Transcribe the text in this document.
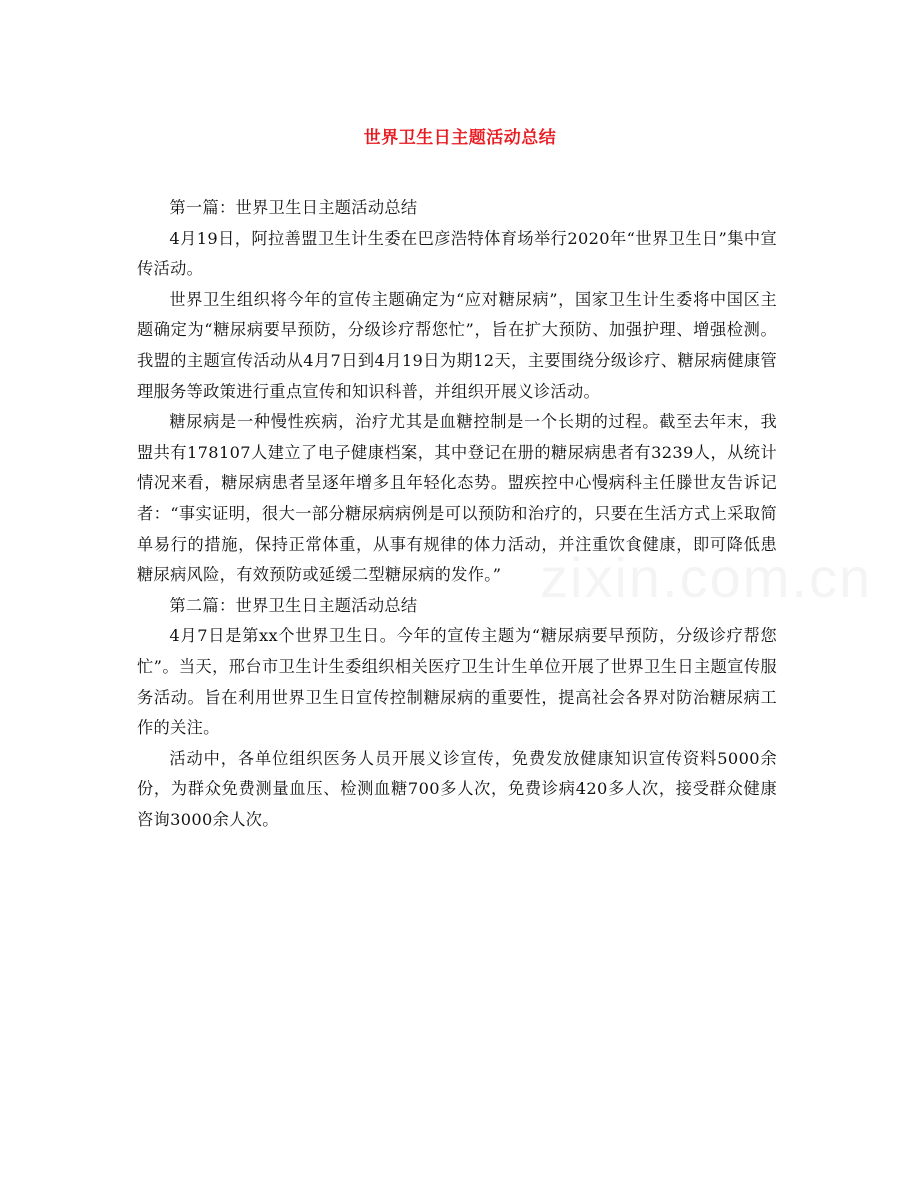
世界卫生日主题活动总结

第一篇：世界卫生日主题活动总结

4月19日，阿拉善盟卫生计生委在巴彦浩特体育场举行2020年“世界卫生日”集中宣传活动。

世界卫生组织将今年的宣传主题确定为“应对糖尿病”，国家卫生计生委将中国区主题确定为“糖尿病要早预防，分级诊疗帮您忙”，旨在扩大预防、加强护理、增强检测。我盟的主题宣传活动从4月7日到4月19日为期12天，主要围绕分级诊疗、糖尿病健康管理服务等政策进行重点宣传和知识科普，并组织开展义诊活动。

糖尿病是一种慢性疾病，治疗尤其是血糖控制是一个长期的过程。截至去年末，我盟共有178107人建立了电子健康档案，其中登记在册的糖尿病患者有3239人，从统计情况来看，糖尿病患者呈逐年增多且年轻化态势。盟疾控中心慢病科主任滕世友告诉记者：“事实证明，很大一部分糖尿病病例是可以预防和治疗的，只要在生活方式上采取简单易行的措施，保持正常体重，从事有规律的体力活动，并注重饮食健康，即可降低患糖尿病风险，有效预防或延缓二型糖尿病的发作。”

第二篇：世界卫生日主题活动总结

4月7日是第xx个世界卫生日。今年的宣传主题为“糖尿病要早预防，分级诊疗帮您忙”。当天，邢台市卫生计生委组织相关医疗卫生计生单位开展了世界卫生日主题宣传服务活动。旨在利用世界卫生日宣传控制糖尿病的重要性，提高社会各界对防治糖尿病工作的关注。

活动中，各单位组织医务人员开展义诊宣传，免费发放健康知识宣传资料5000余份，为群众免费测量血压、检测血糖700多人次，免费诊病420多人次，接受群众健康咨询3000余人次。
